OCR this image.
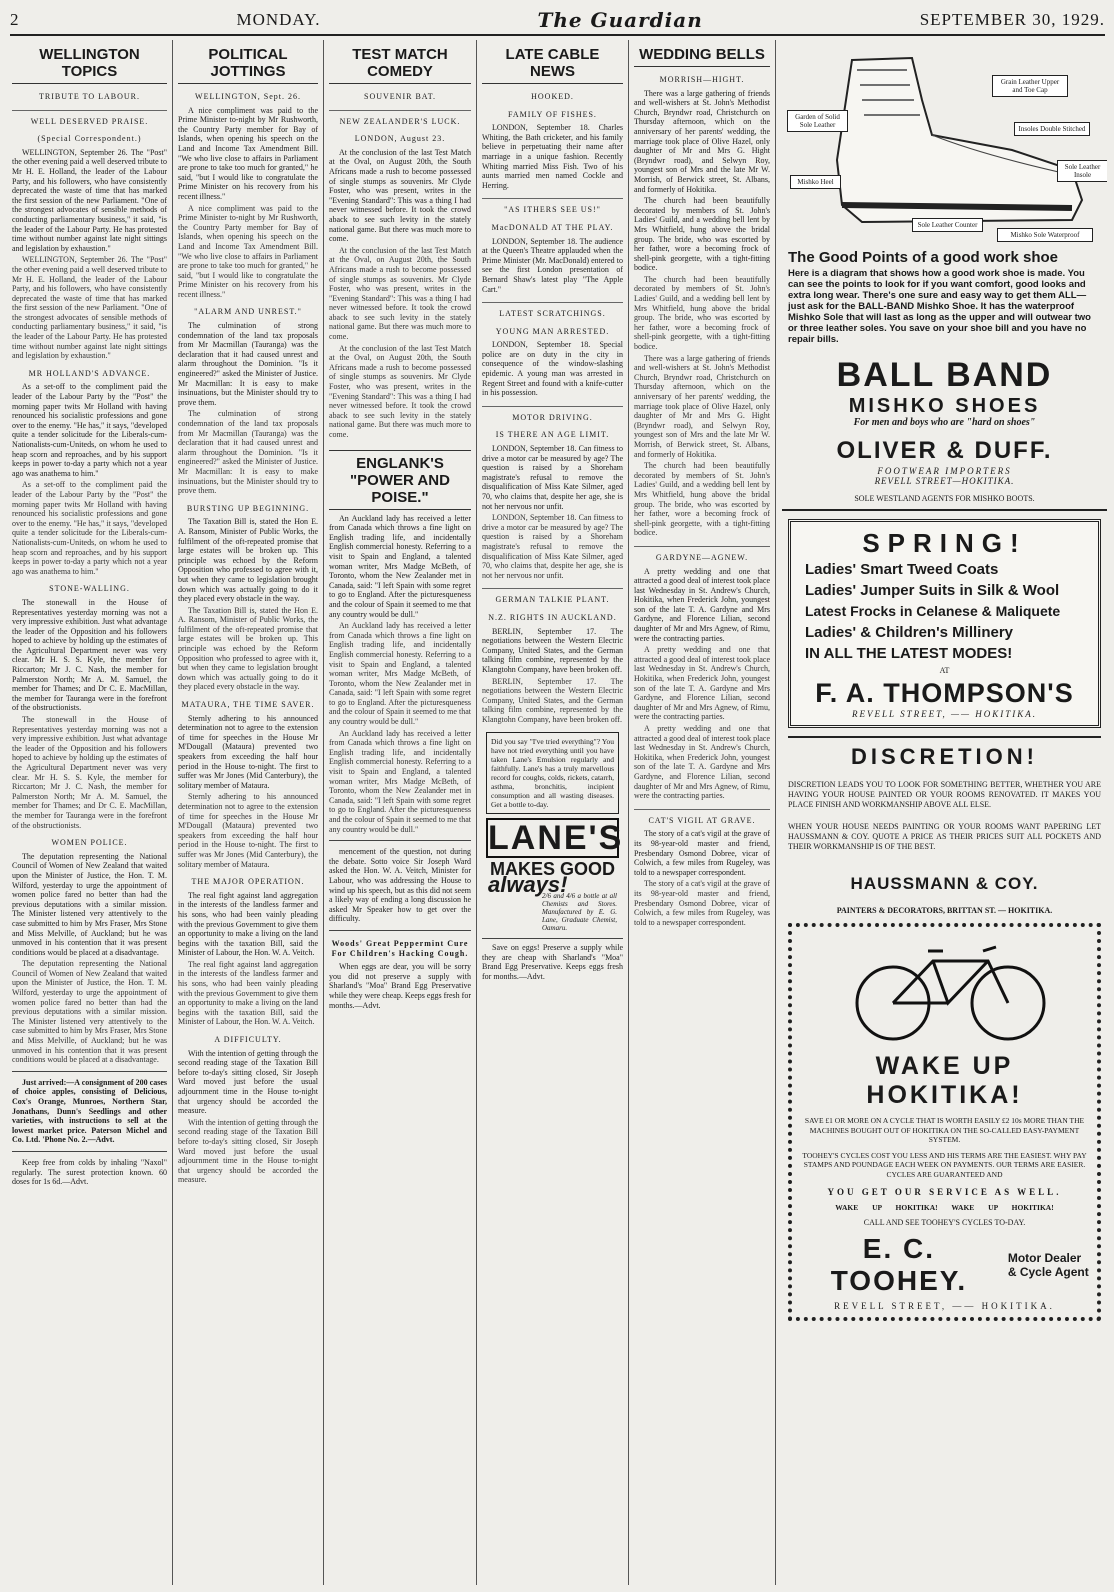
2	MONDAY.	The Guardian	SEPTEMBER 30, 1929.
WELLINGTON TOPICS
TRIBUTE TO LABOUR.
WELL DESERVED PRAISE.
(Special Correspondent.)

WELLINGTON, September 26. The "Post" the other evening paid a well deserved tribute to Mr H. E. Holland, the leader of the Labour Party, and his followers, who have consistently deprecated the waste of time that has marked the first session of the new Parliament. "One of the strongest advocates of sensible methods of conducting parliamentary business," it said, "is the leader of the Labour Party. He has protested time without number against late night sittings and legislation by exhaustion."

WELLINGTON, September 26. The "Post" the other evening paid a well deserved tribute to Mr H. E. Holland, the leader of the Labour Party, and his followers, who have consistently deprecated the waste of time that has marked the first session of the new Parliament. "One of the strongest advocates of sensible methods of conducting parliamentary business," it said, "is the leader of the Labour Party. He has protested time without number against late night sittings and legislation by exhaustion."

MR HOLLAND'S ADVANCE.

As a set-off to the compliment paid the leader of the Labour Party by the "Post" the morning paper twits Mr Holland with having renounced his socialistic professions and gone over to the enemy. "He has," it says, "developed quite a tender solicitude for the Liberals-cum-Nationalists-cum-Uniteds, on whom he used to heap scorn and reproaches, and by his support keeps in power to-day a party which not a year ago was anathema to him."

As a set-off to the compliment paid the leader of the Labour Party by the "Post" the morning paper twits Mr Holland with having renounced his socialistic professions and gone over to the enemy. "He has," it says, "developed quite a tender solicitude for the Liberals-cum-Nationalists-cum-Uniteds, on whom he used to heap scorn and reproaches, and by his support keeps in power to-day a party which not a year ago was anathema to him."

STONE-WALLING.

The stonewall in the House of Representatives yesterday morning was not a very impressive exhibition. Just what advantage the leader of the Opposition and his followers hoped to achieve by holding up the estimates of the Agricultural Department never was very clear. Mr H. S. S. Kyle, the member for Riccarton; Mr J. C. Nash, the member for Palmerston North; Mr A. M. Samuel, the member for Thames; and Dr C. E. MacMillan, the member for Tauranga were in the forefront of the obstructionists.

The stonewall in the House of Representatives yesterday morning was not a very impressive exhibition. Just what advantage the leader of the Opposition and his followers hoped to achieve by holding up the estimates of the Agricultural Department never was very clear. Mr H. S. S. Kyle, the member for Riccarton; Mr J. C. Nash, the member for Palmerston North; Mr A. M. Samuel, the member for Thames; and Dr C. E. MacMillan, the member for Tauranga were in the forefront of the obstructionists.

WOMEN POLICE.

The deputation representing the National Council of Women of New Zealand that waited upon the Minister of Justice, the Hon. T. M. Wilford, yesterday to urge the appointment of women police fared no better than had the previous deputations with a similar mission. The Minister listened very attentively to the case submitted to him by Mrs Fraser, Mrs Stone and Miss Melville, of Auckland; but he was unmoved in his contention that it was present conditions would be placed at a disadvantage.

The deputation representing the National Council of Women of New Zealand that waited upon the Minister of Justice, the Hon. T. M. Wilford, yesterday to urge the appointment of women police fared no better than had the previous deputations with a similar mission. The Minister listened very attentively to the case submitted to him by Mrs Fraser, Mrs Stone and Miss Melville, of Auckland; but he was unmoved in his contention that it was present conditions would be placed at a disadvantage.

Just arrived:—A consignment of 200 cases of choice apples, consisting of Delicious, Cox's Orange, Munroes, Northern Star, Jonathans, Dunn's Seedlings and other varieties, with instructions to sell at the lowest market price. Paterson Michel and Co. Ltd. 'Phone No. 2.—Advt.

Keep free from colds by inhaling "Naxol" regularly. The surest protection known. 60 doses for 1s 6d.—Advt.

POLITICAL JOTTINGS
WELLINGTON, Sept. 26.

A nice compliment was paid to the Prime Minister to-night by Mr Rushworth, the Country Party member for Bay of Islands, when opening his speech on the Land and Income Tax Amendment Bill. "We who live close to affairs in Parliament are prone to take too much for granted," he said, "but I would like to congratulate the Prime Minister on his recovery from his recent illness."

A nice compliment was paid to the Prime Minister to-night by Mr Rushworth, the Country Party member for Bay of Islands, when opening his speech on the Land and Income Tax Amendment Bill. "We who live close to affairs in Parliament are prone to take too much for granted," he said, "but I would like to congratulate the Prime Minister on his recovery from his recent illness."

"ALARM AND UNREST."

The culmination of strong condemnation of the land tax proposals from Mr Macmillan (Tauranga) was the declaration that it had caused unrest and alarm throughout the Dominion. "Is it engineered?" asked the Minister of Justice. Mr Macmillan: It is easy to make insinuations, but the Minister should try to prove them.

The culmination of strong condemnation of the land tax proposals from Mr Macmillan (Tauranga) was the declaration that it had caused unrest and alarm throughout the Dominion. "Is it engineered?" asked the Minister of Justice. Mr Macmillan: It is easy to make insinuations, but the Minister should try to prove them.

BURSTING UP BEGINNING.

The Taxation Bill is, stated the Hon E. A. Ransom, Minister of Public Works, the fulfilment of the oft-repeated promise that large estates will be broken up. This principle was echoed by the Reform Opposition who professed to agree with it, but when they came to legislation brought down which was actually going to do it they placed every obstacle in the way.

The Taxation Bill is, stated the Hon E. A. Ransom, Minister of Public Works, the fulfilment of the oft-repeated promise that large estates will be broken up. This principle was echoed by the Reform Opposition who professed to agree with it, but when they came to legislation brought down which was actually going to do it they placed every obstacle in the way.

MATAURA, THE TIME SAVER.

Sternly adhering to his announced determination not to agree to the extension of time for speeches in the House Mr M'Dougall (Mataura) prevented two speakers from exceeding the half hour period in the House to-night. The first to suffer was Mr Jones (Mid Canterbury), the solitary member of Mataura.

Sternly adhering to his announced determination not to agree to the extension of time for speeches in the House Mr M'Dougall (Mataura) prevented two speakers from exceeding the half hour period in the House to-night. The first to suffer was Mr Jones (Mid Canterbury), the solitary member of Mataura.

THE MAJOR OPERATION.

The real fight against land aggregation in the interests of the landless farmer and his sons, who had been vainly pleading with the previous Government to give them an opportunity to make a living on the land begins with the taxation Bill, said the Minister of Labour, the Hon. W. A. Veitch.

The real fight against land aggregation in the interests of the landless farmer and his sons, who had been vainly pleading with the previous Government to give them an opportunity to make a living on the land begins with the taxation Bill, said the Minister of Labour, the Hon. W. A. Veitch.

A DIFFICULTY.

With the intention of getting through the second reading stage of the Taxation Bill before to-day's sitting closed, Sir Joseph Ward moved just before the usual adjournment time in the House to-night that urgency should be accorded the measure.

With the intention of getting through the second reading stage of the Taxation Bill before to-day's sitting closed, Sir Joseph Ward moved just before the usual adjournment time in the House to-night that urgency should be accorded the measure.

TEST MATCH COMEDY
SOUVENIR BAT.
NEW ZEALANDER'S LUCK.
LONDON, August 23.

At the conclusion of the last Test Match at the Oval, on August 20th, the South Africans made a rush to become possessed of single stumps as souvenirs. Mr Clyde Foster, who was present, writes in the "Evening Standard": This was a thing I had never witnessed before. It took the crowd aback to see such levity in the stately national game. But there was much more to come.

At the conclusion of the last Test Match at the Oval, on August 20th, the South Africans made a rush to become possessed of single stumps as souvenirs. Mr Clyde Foster, who was present, writes in the "Evening Standard": This was a thing I had never witnessed before. It took the crowd aback to see such levity in the stately national game. But there was much more to come.

At the conclusion of the last Test Match at the Oval, on August 20th, the South Africans made a rush to become possessed of single stumps as souvenirs. Mr Clyde Foster, who was present, writes in the "Evening Standard": This was a thing I had never witnessed before. It took the crowd aback to see such levity in the stately national game. But there was much more to come.

ENGLANK'S "POWER AND POISE."

An Auckland lady has received a letter from Canada which throws a fine light on English trading life, and incidentally English commercial honesty. Referring to a visit to Spain and England, a talented woman writer, Mrs Madge McBeth, of Toronto, whom the New Zealander met in Canada, said: "I left Spain with some regret to go to England. After the picturesqueness and the colour of Spain it seemed to me that any country would be dull."

An Auckland lady has received a letter from Canada which throws a fine light on English trading life, and incidentally English commercial honesty. Referring to a visit to Spain and England, a talented woman writer, Mrs Madge McBeth, of Toronto, whom the New Zealander met in Canada, said: "I left Spain with some regret to go to England. After the picturesqueness and the colour of Spain it seemed to me that any country would be dull."

An Auckland lady has received a letter from Canada which throws a fine light on English trading life, and incidentally English commercial honesty. Referring to a visit to Spain and England, a talented woman writer, Mrs Madge McBeth, of Toronto, whom the New Zealander met in Canada, said: "I left Spain with some regret to go to England. After the picturesqueness and the colour of Spain it seemed to me that any country would be dull."

mencement of the question, not during the debate. Sotto voice Sir Joseph Ward asked the Hon. W. A. Veitch, Minister for Labour, who was addressing the House to wind up his speech, but as this did not seem a likely way of ending a long discussion he asked Mr Speaker how to get over the difficulty.

Woods' Great Peppermint Cure For Children's Hacking Cough.

When eggs are dear, you will be sorry you did not preserve a supply with Sharland's "Moa" Brand Egg Preservative while they were cheap. Keeps eggs fresh for months.—Advt.

LATE CABLE NEWS
HOOKED.
FAMILY OF FISHES.

LONDON, September 18. Charles Whiting, the Bath cricketer, and his family believe in perpetuating their name after marriage in a unique fashion. Recently Whiting married Miss Fish. Two of his aunts married men named Cockle and Herring.

"AS ITHERS SEE US!"
MacDONALD AT THE PLAY.

LONDON, September 18. The audience at the Queen's Theatre applauded when the Prime Minister (Mr. MacDonald) entered to see the first London presentation of Bernard Shaw's latest play "The Apple Cart."

LATEST SCRATCHINGS.
YOUNG MAN ARRESTED.

LONDON, September 18. Special police are on duty in the city in consequence of the window-slashing epidemic. A young man was arrested in Regent Street and found with a knife-cutter in his possession.

MOTOR DRIVING.
IS THERE AN AGE LIMIT.

LONDON, September 18. Can fitness to drive a motor car be measured by age? The question is raised by a Shoreham magistrate's refusal to remove the disqualification of Miss Kate Silmer, aged 70, who claims that, despite her age, she is not her nervous nor unfit.

LONDON, September 18. Can fitness to drive a motor car be measured by age? The question is raised by a Shoreham magistrate's refusal to remove the disqualification of Miss Kate Silmer, aged 70, who claims that, despite her age, she is not her nervous nor unfit.

GERMAN TALKIE PLANT.
N.Z. RIGHTS IN AUCKLAND.

BERLIN, September 17. The negotiations between the Western Electric Company, United States, and the German talking film combine, represented by the Klangtohn Company, have been broken off.

BERLIN, September 17. The negotiations between the Western Electric Company, United States, and the German talking film combine, represented by the Klangtohn Company, have been broken off.

Did you say "I've tried everything"? You have not tried everything until you have taken Lane's Emulsion regularly and faithfully. Lane's has a truly marvellous record for coughs, colds, rickets, catarrh, asthma, bronchitis, incipient consumption and all wasting diseases. Get a bottle to-day.
LANE'S
MAKES GOOD
always!
2/6 and 4/6 a bottle at all Chemists and Stores. Manufactured by E. G. Lane, Graduate Chemist, Oamaru.

Save on eggs! Preserve a supply while they are cheap with Sharland's "Moa" Brand Egg Preservative. Keeps eggs fresh for months.—Advt.

WEDDING BELLS
MORRISH—HIGHT.

There was a large gathering of friends and well-wishers at St. John's Methodist Church, Bryndwr road, Christchurch on Thursday afternoon, which on the anniversary of her parents' wedding, the marriage took place of Olive Hazel, only daughter of Mr and Mrs G. Hight (Bryndwr road), and Selwyn Roy, youngest son of Mrs and the late Mr W. Morrish, of Berwick street, St. Albans, and formerly of Hokitika.

The church had been beautifully decorated by members of St. John's Ladies' Guild, and a wedding bell lent by Mrs Whitfield, hung above the bridal group. The bride, who was escorted by her father, wore a becoming frock of shell-pink georgette, with a tight-fitting bodice.

The church had been beautifully decorated by members of St. John's Ladies' Guild, and a wedding bell lent by Mrs Whitfield, hung above the bridal group. The bride, who was escorted by her father, wore a becoming frock of shell-pink georgette, with a tight-fitting bodice.

There was a large gathering of friends and well-wishers at St. John's Methodist Church, Bryndwr road, Christchurch on Thursday afternoon, which on the anniversary of her parents' wedding, the marriage took place of Olive Hazel, only daughter of Mr and Mrs G. Hight (Bryndwr road), and Selwyn Roy, youngest son of Mrs and the late Mr W. Morrish, of Berwick street, St. Albans, and formerly of Hokitika.

The church had been beautifully decorated by members of St. John's Ladies' Guild, and a wedding bell lent by Mrs Whitfield, hung above the bridal group. The bride, who was escorted by her father, wore a becoming frock of shell-pink georgette, with a tight-fitting bodice.

GARDYNE—AGNEW.

A pretty wedding and one that attracted a good deal of interest took place last Wednesday in St. Andrew's Church, Hokitika, when Frederick John, youngest son of the late T. A. Gardyne and Mrs Gardyne, and Florence Lilian, second daughter of Mr and Mrs Agnew, of Rimu, were the contracting parties.

A pretty wedding and one that attracted a good deal of interest took place last Wednesday in St. Andrew's Church, Hokitika, when Frederick John, youngest son of the late T. A. Gardyne and Mrs Gardyne, and Florence Lilian, second daughter of Mr and Mrs Agnew, of Rimu, were the contracting parties.

A pretty wedding and one that attracted a good deal of interest took place last Wednesday in St. Andrew's Church, Hokitika, when Frederick John, youngest son of the late T. A. Gardyne and Mrs Gardyne, and Florence Lilian, second daughter of Mr and Mrs Agnew, of Rimu, were the contracting parties.

CAT'S VIGIL AT GRAVE.

The story of a cat's vigil at the grave of its 98-year-old master and friend, Presbendary Osmond Dobree, vicar of Colwich, a few miles from Rugeley, was told to a newspaper correspondent.

The story of a cat's vigil at the grave of its 98-year-old master and friend, Presbendary Osmond Dobree, vicar of Colwich, a few miles from Rugeley, was told to a newspaper correspondent.

Grain Leather Upper and Toe Cap
Garden of Solid Sole Leather	Insoles Double Stitched
Mishko Heel
Sole Leather Insole
Mishko Sole Waterproof
Sole Leather Counter
The Good Points of a good work shoe
Here is a diagram that shows how a good work shoe is made. You can see the points to look for if you want comfort, good looks and extra long wear. There's one sure and easy way to get them ALL—just ask for the BALL-BAND Mishko Shoe. It has the waterproof Mishko Sole that will last as long as the upper and will outwear two or three leather soles. You save on your shoe bill and you have no repair bills.
BALL BAND
MISHKO SHOES
For men and boys who are "hard on shoes"
OLIVER & DUFF.
FOOTWEAR IMPORTERS
REVELL STREET—HOKITIKA.
SOLE WESTLAND AGENTS FOR MISHKO BOOTS.
SPRING!
Ladies' Smart Tweed Coats
Ladies' Jumper Suits in Silk & Wool
Latest Frocks in Celanese & Maliquete
Ladies' & Children's Millinery
IN ALL THE LATEST MODES!
AT
F. A. THOMPSON'S
REVELL STREET, —— HOKITIKA.
DISCRETION!
DISCRETION LEADS YOU TO LOOK FOR SOMETHING BETTER, WHETHER YOU ARE HAVING YOUR HOUSE PAINTED OR YOUR ROOMS RENOVATED. IT MAKES YOU PLACE FINISH AND WORKMANSHIP ABOVE ALL ELSE.
WHEN YOUR HOUSE NEEDS PAINTING OR YOUR ROOMS WANT PAPERING LET HAUSSMANN & COY. QUOTE A PRICE AS THEIR PRICES SUIT ALL POCKETS AND THEIR WORKMANSHIP IS OF THE BEST.
HAUSSMANN & COY.
PAINTERS & DECORATORS, BRITTAN ST. — HOKITIKA.
WAKE UP HOKITIKA!
SAVE £1 OR MORE ON A CYCLE THAT IS WORTH EASILY £2 10s MORE THAN THE MACHINES BOUGHT OUT OF HOKITIKA ON THE SO-CALLED EASY-PAYMENT SYSTEM.
TOOHEY'S CYCLES COST YOU LESS AND HIS TERMS ARE THE EASIEST. WHY PAY STAMPS AND POUNDAGE EACH WEEK ON PAYMENTS. OUR TERMS ARE EASIER. CYCLES ARE GUARANTEED AND
YOU GET OUR SERVICE AS WELL.
WAKE UP HOKITIKA! WAKE UP HOKITIKA!
CALL AND SEE TOOHEY'S CYCLES TO-DAY.
E. C. TOOHEY.
Motor Dealer & Cycle Agent
REVELL STREET, —— HOKITIKA.
